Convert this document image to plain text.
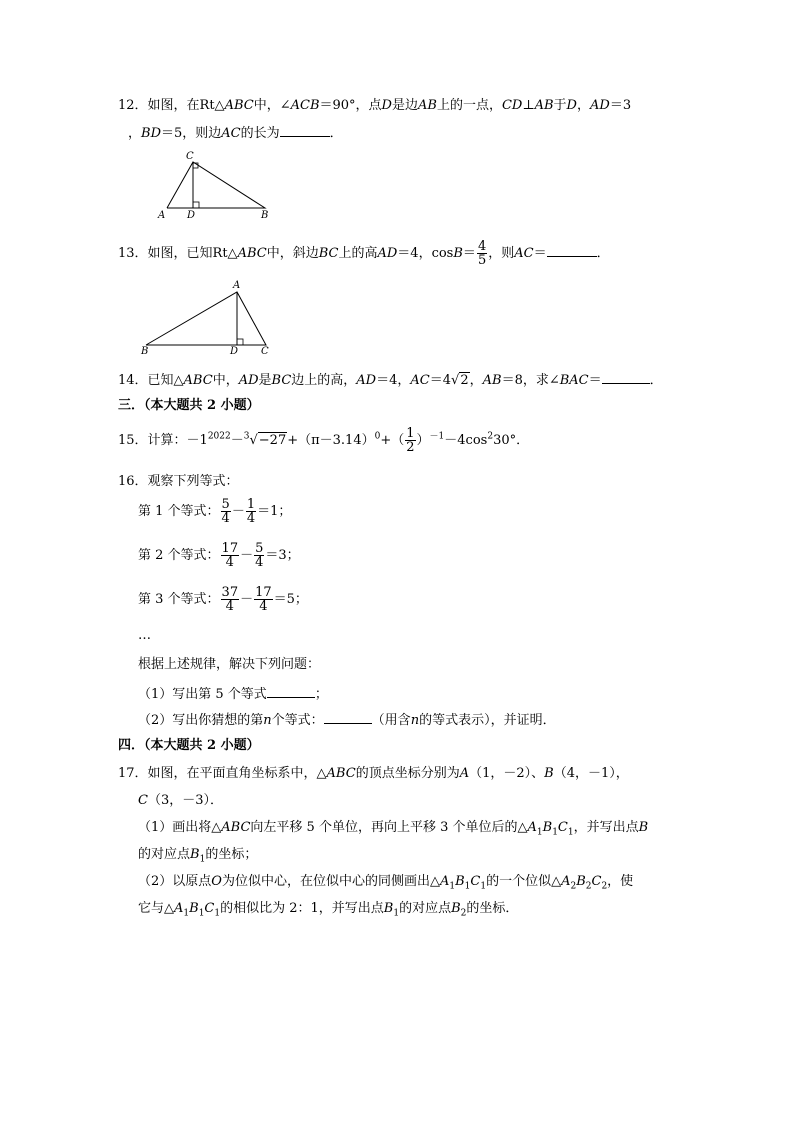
12．如图，在Rt△ABC中，∠ACB＝90°，点D是边AB上的一点，CD⊥AB于D，AD＝3
，BD＝5，则边AC的长为	．
C
A D	B
13．如图，已知Rt△ABC中，斜边BC上的高AD＝4，$\cos B= \frac{4}{5}$ ，则AC＝	．
A
B	D C
14．已知△ABC中，AD是BC边上的高，AD＝4，AC＝4√2，AB＝8，求∠BAC＝	．
三．（本大题共 2 小题）
15．计算：$-1^{2022}-^3√-27+(\pi-3.14)^0+( \frac{1}{2} )^{-1}-4\cos^230^\circ$．
16．观察下列等式：
第 1 个等式： $\frac{5}{4} - \frac{1}{4} =1$；
第 2 个等式： $\frac{17}{4} - \frac{5}{4} =3$；
第 3 个等式： $\frac{37}{4} - \frac{17}{4} =5$；
…
根据上述规律，解决下列问题：
（1）写出第 5 个等式	；
（2）写出你猜想的第n个等式：	（用含n的等式表示），并证明．
四．（本大题共 2 小题）
17．如图，在平面直角坐标系中，△ABC的顶点坐标分别为A（1，－2）、B（4，－1），
C（3，－3）．
（1）画出将△ABC向左平移 5 个单位，再向上平移 3 个单位后的$\triangle A_1B_1C_1$，并写出点B
的对应点$B_1$的坐标；
（2）以原点O为位似中心，在位似中心的同侧画出$\triangle A_1B_1C_1$的一个位似$\triangle A_2B_2C_2$，使
它与$\triangle A_1B_1C_1$的相似比为 2：1，并写出点$B_1$的对应点$B_2$的坐标．
